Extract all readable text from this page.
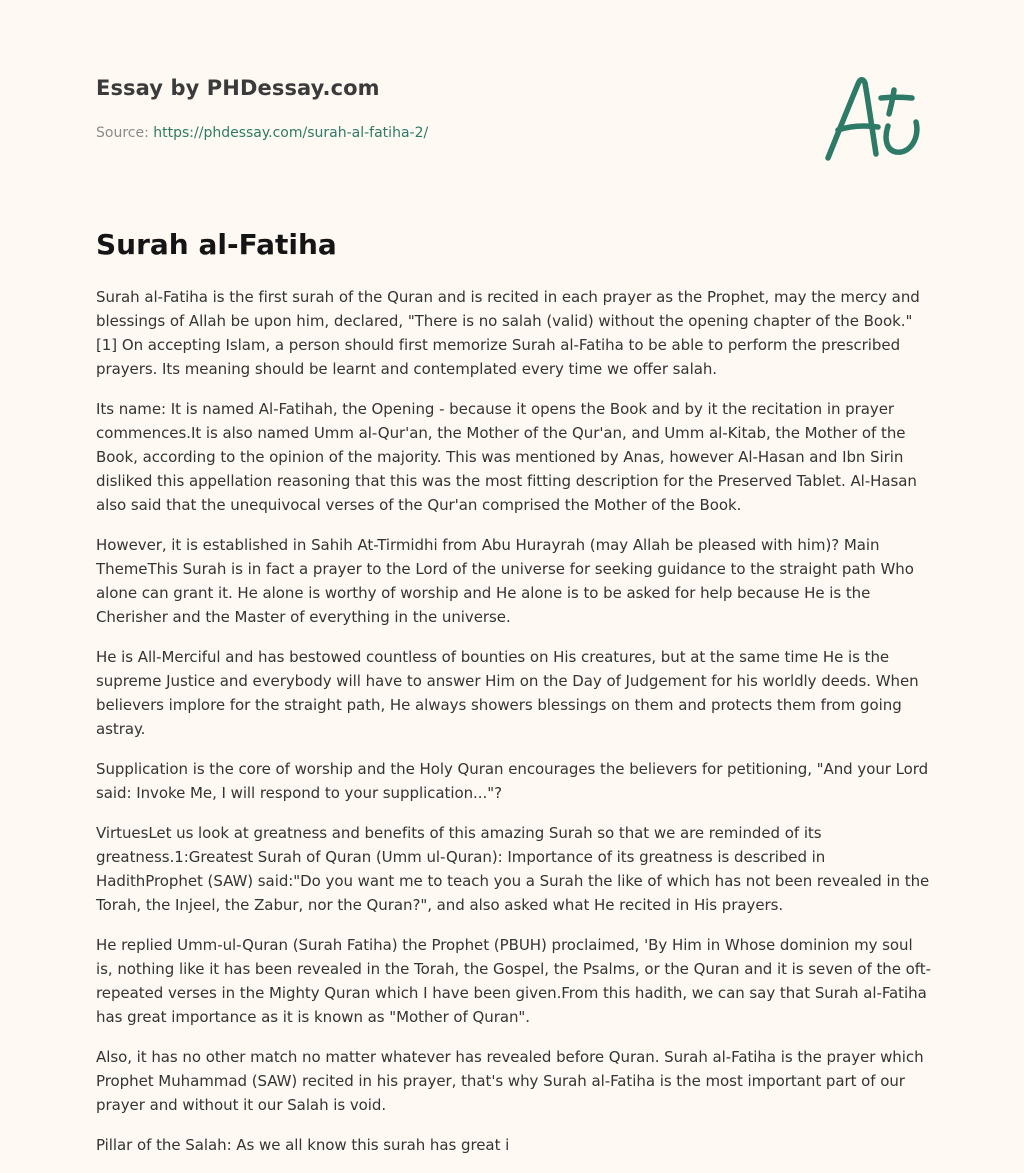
Essay by PHDessay.com
Source: https://phdessay.com/surah-al-fatiha-2/
Surah al-Fatiha

Surah al-Fatiha is the first surah of the Quran and is recited in each prayer as the Prophet, may the mercy and blessings of Allah be upon him, declared, "There is no salah (valid) without the opening chapter of the Book."[1] On accepting Islam, a person should first memorize Surah al-Fatiha to be able to perform the prescribed prayers. Its meaning should be learnt and contemplated every time we offer salah.

Its name: It is named Al-Fatihah, the Opening - because it opens the Book and by it the recitation in prayer commences.It is also named Umm al-Qur'an, the Mother of the Qur'an, and Umm al-Kitab, the Mother of the Book, according to the opinion of the majority. This was mentioned by Anas, however Al-Hasan and Ibn Sirin disliked this appellation reasoning that this was the most fitting description for the Preserved Tablet. Al-Hasan also said that the unequivocal verses of the Qur'an comprised the Mother of the Book.

However, it is established in Sahih At-Tirmidhi from Abu Hurayrah (may Allah be pleased with him)? Main ThemeThis Surah is in fact a prayer to the Lord of the universe for seeking guidance to the straight path Who alone can grant it. He alone is worthy of worship and He alone is to be asked for help because He is the Cherisher and the Master of everything in the universe.

He is All-Merciful and has bestowed countless of bounties on His creatures, but at the same time He is the supreme Justice and everybody will have to answer Him on the Day of Judgement for his worldly deeds. When believers implore for the straight path, He always showers blessings on them and protects them from going astray.

Supplication is the core of worship and the Holy Quran encourages the believers for petitioning, "And your Lord said: Invoke Me, I will respond to your supplication..."?

VirtuesLet us look at greatness and benefits of this amazing Surah so that we are reminded of its greatness.1:Greatest Surah of Quran (Umm ul-Quran): Importance of its greatness is described in HadithProphet (SAW) said:"Do you want me to teach you a Surah the like of which has not been revealed in the Torah, the Injeel, the Zabur, nor the Quran?", and also asked what He recited in His prayers.

He replied Umm-ul-Quran (Surah Fatiha) the Prophet (PBUH) proclaimed, 'By Him in Whose dominion my soul is, nothing like it has been revealed in the Torah, the Gospel, the Psalms, or the Quran and it is seven of the oft-repeated verses in the Mighty Quran which I have been given.From this hadith, we can say that Surah al-Fatiha has great importance as it is known as "Mother of Quran".

Also, it has no other match no matter whatever has revealed before Quran. Surah al-Fatiha is the prayer which Prophet Muhammad (SAW) recited in his prayer, that's why Surah al-Fatiha is the most important part of our prayer and without it our Salah is void.

Pillar of the Salah: As we all know this surah has great i
